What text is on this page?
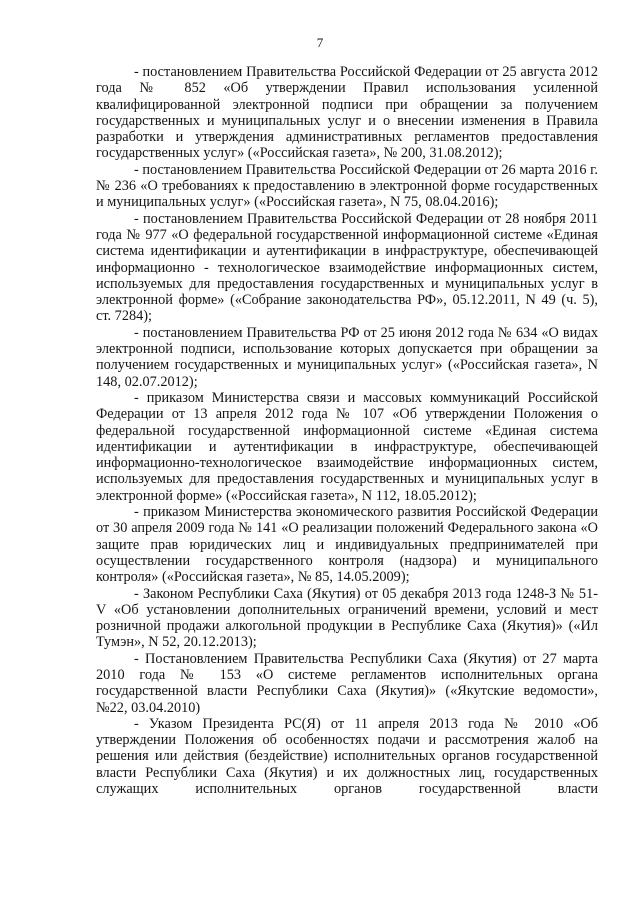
7

- постановлением Правительства Российской Федерации от 25 августа 2012 года № 852 «Об утверждении Правил использования усиленной квалифицированной электронной подписи при обращении за получением государственных и муниципальных услуг и о внесении изменения в Правила разработки и утверждения административных регламентов предоставления государственных услуг» («Российская газета», № 200, 31.08.2012);

- постановлением Правительства Российской Федерации от 26 марта 2016 г. № 236 «О требованиях к предоставлению в электронной форме государственных и муниципальных услуг» («Российская газета», N 75, 08.04.2016);

- постановлением Правительства Российской Федерации от 28 ноября 2011 года № 977 «О федеральной государственной информационной системе «Единая система идентификации и аутентификации в инфраструктуре, обеспечивающей информационно - технологическое взаимодействие информационных систем, используемых для предоставления государственных и муниципальных услуг в электронной форме» («Собрание законодательства РФ», 05.12.2011, N 49 (ч. 5), ст. 7284);

- постановлением Правительства РФ от 25 июня 2012 года № 634 «О видах электронной подписи, использование которых допускается при обращении за получением государственных и муниципальных услуг» («Российская газета», N 148, 02.07.2012);

- приказом Министерства связи и массовых коммуникаций Российской Федерации от 13 апреля 2012 года № 107 «Об утверждении Положения о федеральной государственной информационной системе «Единая система идентификации и аутентификации в инфраструктуре, обеспечивающей информационно-технологическое взаимодействие информационных систем, используемых для предоставления государственных и муниципальных услуг в электронной форме» («Российская газета», N 112, 18.05.2012);

- приказом Министерства экономического развития Российской Федерации от 30 апреля 2009 года № 141 «О реализации положений Федерального закона «О защите прав юридических лиц и индивидуальных предпринимателей при осуществлении государственного контроля (надзора) и муниципального контроля» («Российская газета», № 85, 14.05.2009);

- Законом Республики Саха (Якутия) от 05 декабря 2013 года 1248-З № 51-V «Об установлении дополнительных ограничений времени, условий и мест розничной продажи алкогольной продукции в Республике Саха (Якутия)» («Ил Тумэн», N 52, 20.12.2013);

- Постановлением Правительства Республики Саха (Якутия) от 27 марта 2010 года № 153 «О системе регламентов исполнительных органа государственной власти Республики Саха (Якутия)» («Якутские ведомости», №22, 03.04.2010)

- Указом Президента РС(Я) от 11 апреля 2013 года № 2010 «Об утверждении Положения об особенностях подачи и рассмотрения жалоб на решения или действия (бездействие) исполнительных органов государственной власти Республики Саха (Якутия) и их должностных лиц, государственных служащих исполнительных органов государственной власти
